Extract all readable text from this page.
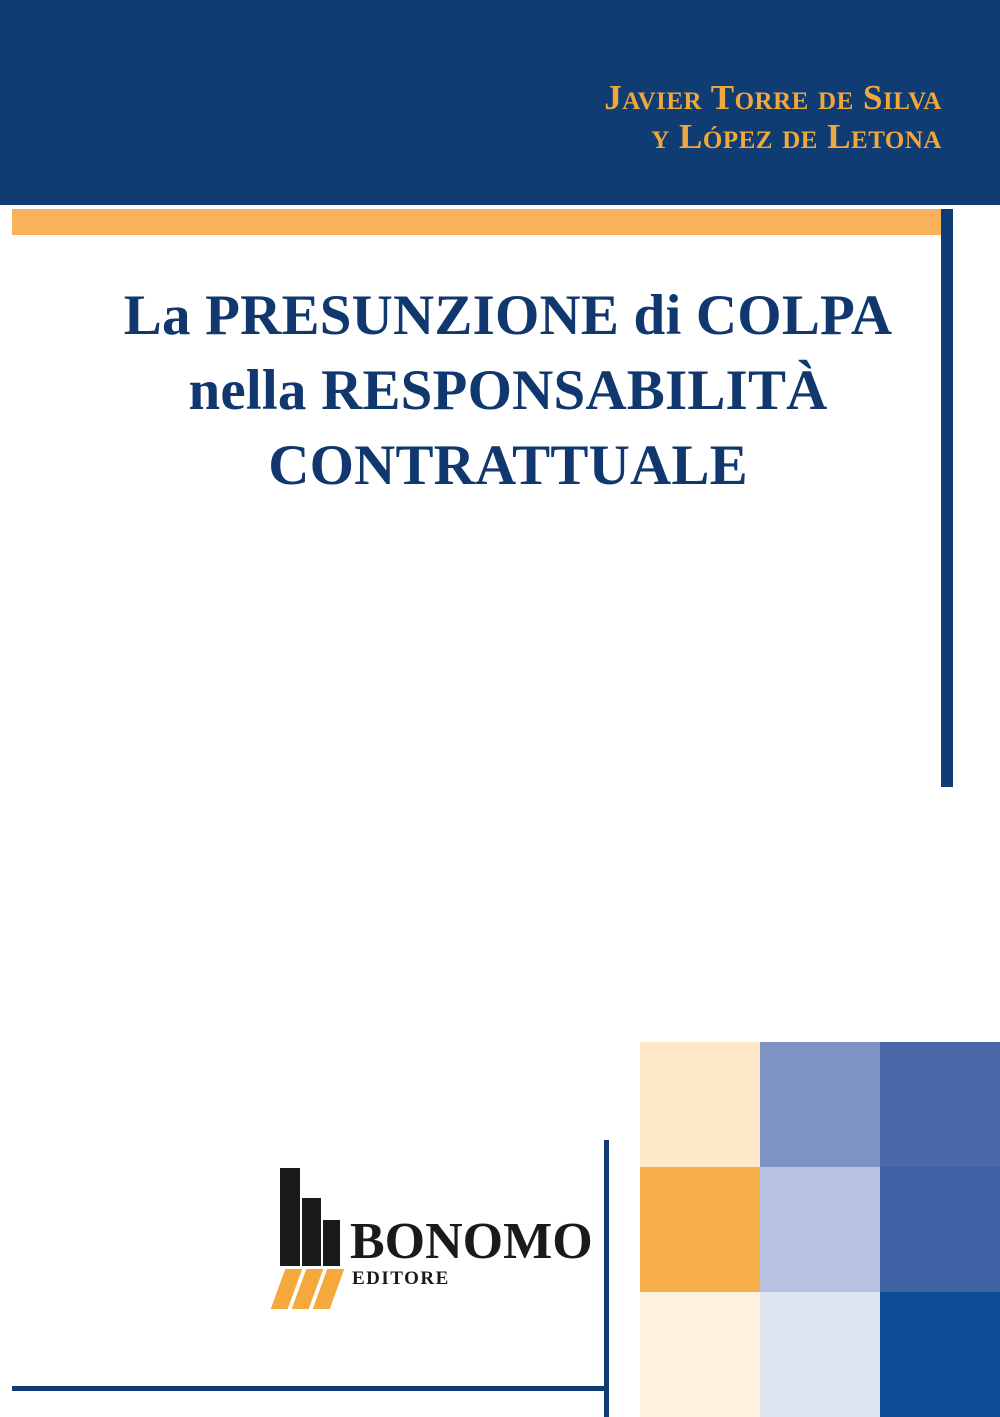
Javier Torre de Silva
y López de Letona
La PRESUNZIONE di COLPA
nella RESPONSABILITÀ
CONTRATTUALE
BONOMO
EDITORE
